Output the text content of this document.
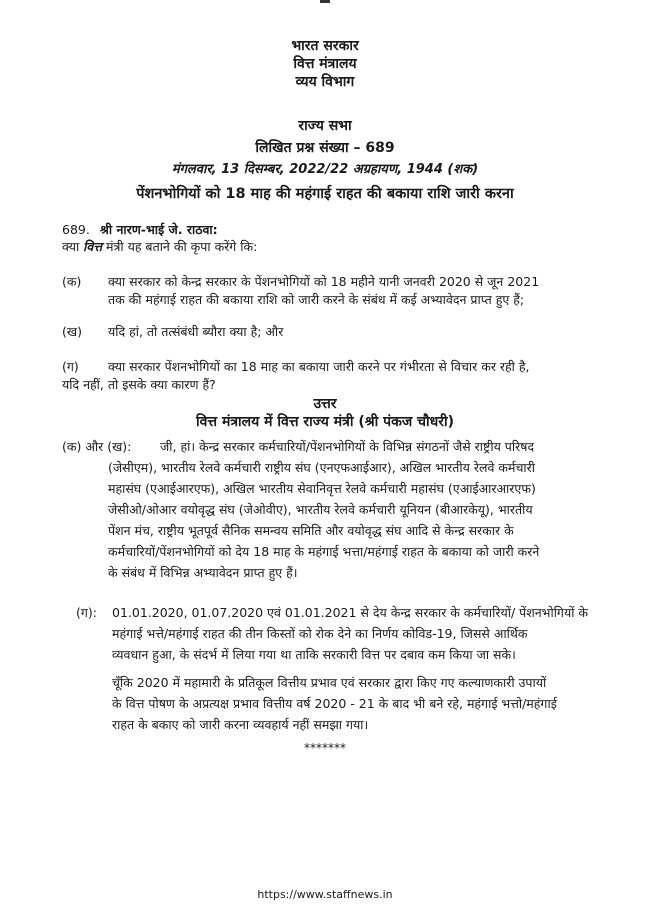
भारत सरकार
वित्त मंत्रालय
व्यय विभाग
राज्य सभा
लिखित प्रश्न संख्या – 689
मंगलवार, 13 दिसम्बर, 2022/22 अग्रहायण, 1944 (शक)
पेंशनभोगियों को 18 माह की महंगाई राहत की बकाया राशि जारी करना
689. श्री नारण-भाई जे. राठवा:
क्या वित्त मंत्री यह बताने की कृपा करेंगे कि:
(क) क्या सरकार को केन्द्र सरकार के पेंशनभोगियों को 18 महीने यानी जनवरी 2020 से जून 2021
तक की महंगाई राहत की बकाया राशि को जारी करने के संबंध में कई अभ्यावेदन प्राप्त हुए हैं;
(ख) यदि हां, तो तत्संबंधी ब्यौरा क्या है; और
(ग) क्या सरकार पेंशनभोगियों का 18 माह का बकाया जारी करने पर गंभीरता से विचार कर रही है,
यदि नहीं, तो इसके क्या कारण हैं?
उत्तर
वित्त मंत्रालय में वित्त राज्य मंत्री (श्री पंकज चौधरी)
(क) और (ख): जी, हां। केन्द्र सरकार कर्मचारियों/पेंशनभोगियों के विभिन्न संगठनों जैसे राष्ट्रीय परिषद
(जेसीएम), भारतीय रेलवे कर्मचारी राष्ट्रीय संघ (एनएफआईआर), अखिल भारतीय रेलवे कर्मचारी
महासंघ (एआईआरएफ), अखिल भारतीय सेवानिवृत्त रेलवे कर्मचारी महासंघ (एआईआरआरएफ)
जेसीओ/ओआर वयोवृद्ध संघ (जेओवीए), भारतीय रेलवे कर्मचारी यूनियन (बीआरकेयू), भारतीय
पेंशन मंच, राष्ट्रीय भूतपूर्व सैनिक समन्वय समिति और वयोवृद्ध संघ आदि से केन्द्र सरकार के
कर्मचारियों/पेंशनभोगियों को देय 18 माह के महंगाई भत्ता/महंगाई राहत के बकाया को जारी करने
के संबंध में विभिन्न अभ्यावेदन प्राप्त हुए हैं।
(ग): 01.01.2020, 01.07.2020 एवं 01.01.2021 से देय केन्द्र सरकार के कर्मचारियों/ पेंशनभोगियों के
महंगाई भत्ते/महंगाई राहत की तीन किस्तों को रोक देने का निर्णय कोविड-19, जिससे आर्थिक
व्यवधान हुआ, के संदर्भ में लिया गया था ताकि सरकारी वित्त पर दबाव कम किया जा सके।
चूँकि 2020 में महामारी के प्रतिकूल वित्तीय प्रभाव एवं सरकार द्वारा किए गए कल्याणकारी उपायों
के वित्त पोषण के अप्रत्यक्ष प्रभाव वित्तीय वर्ष 2020 - 21 के बाद भी बने रहे, महंगाई भत्तो/महंगाई
राहत के बकाए को जारी करना व्यवहार्य नहीं समझा गया।
*******
https://www.staffnews.in
